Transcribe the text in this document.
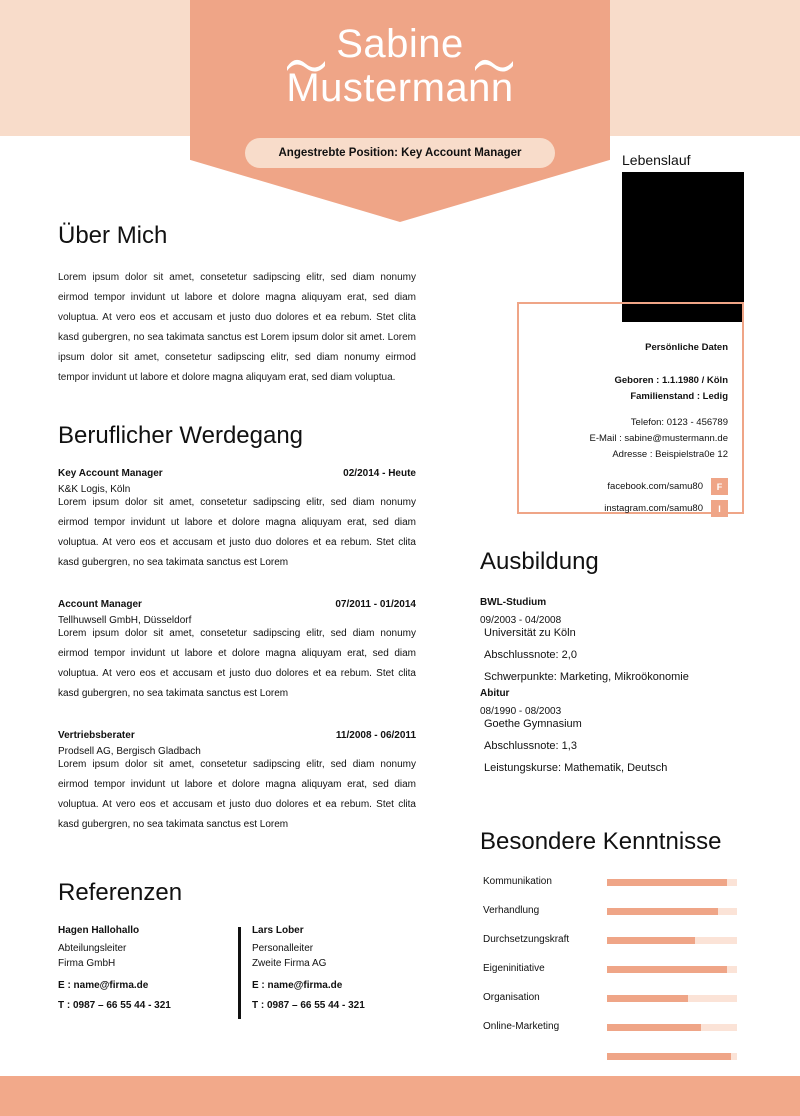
Sabine
Mustermann
Angestrebte Position: Key Account Manager
Über Mich
Lorem ipsum dolor sit amet, consetetur sadipscing elitr, sed diam nonumy eirmod tempor invidunt ut labore et dolore magna aliquyam erat, sed diam voluptua. At vero eos et accusam et justo duo dolores et ea rebum. Stet clita kasd gubergren, no sea takimata sanctus est Lorem ipsum dolor sit amet. Lorem ipsum dolor sit amet, consetetur sadipscing elitr, sed diam nonumy eirmod tempor invidunt ut labore et dolore magna aliquyam erat, sed diam voluptua.
Beruflicher Werdegang
Key Account Manager	02/2014 - Heute
K&K Logis, Köln
Lorem ipsum dolor sit amet, consetetur sadipscing elitr, sed diam nonumy eirmod tempor invidunt ut labore et dolore magna aliquyam erat, sed diam voluptua. At vero eos et accusam et justo duo dolores et ea rebum. Stet clita kasd gubergren, no sea takimata sanctus est Lorem
Account Manager	07/2011 - 01/2014
Tellhuwsell GmbH, Düsseldorf
Lorem ipsum dolor sit amet, consetetur sadipscing elitr, sed diam nonumy eirmod tempor invidunt ut labore et dolore magna aliquyam erat, sed diam voluptua. At vero eos et accusam et justo duo dolores et ea rebum. Stet clita kasd gubergren, no sea takimata sanctus est Lorem
Vertriebsberater	11/2008 - 06/2011
Prodsell AG, Bergisch Gladbach
Lorem ipsum dolor sit amet, consetetur sadipscing elitr, sed diam nonumy eirmod tempor invidunt ut labore et dolore magna aliquyam erat, sed diam voluptua. At vero eos et accusam et justo duo dolores et ea rebum. Stet clita kasd gubergren, no sea takimata sanctus est Lorem
Referenzen
Hagen Hallohallo
Abteilungsleiter
Firma GmbH
E : name@firma.de
T : 0987 – 66 55 44 - 321
Lars Lober
Personalleiter
Zweite Firma AG
E : name@firma.de
T : 0987 – 66 55 44 - 321
Lebenslauf
Persönliche Daten
Geboren : 1.1.1980 / Köln
Familienstand : Ledig
Telefon: 0123 - 456789
E-Mail : sabine@mustermann.de
Adresse : Beispielstra0e 12
facebook.com/samu80	F
instagram.com/samu80	I
Ausbildung
BWL-Studium
09/2003 - 04/2008
Universität zu Köln
Abschlussnote: 2,0
Schwerpunkte: Marketing, Mikroökonomie
Abitur
08/1990 - 08/2003
Goethe Gymnasium
Abschlussnote: 1,3
Leistungskurse: Mathematik, Deutsch
Besondere Kenntnisse
Kommunikation
Verhandlung
Durchsetzungskraft
Eigeninitiative
Organisation
Online-Marketing
